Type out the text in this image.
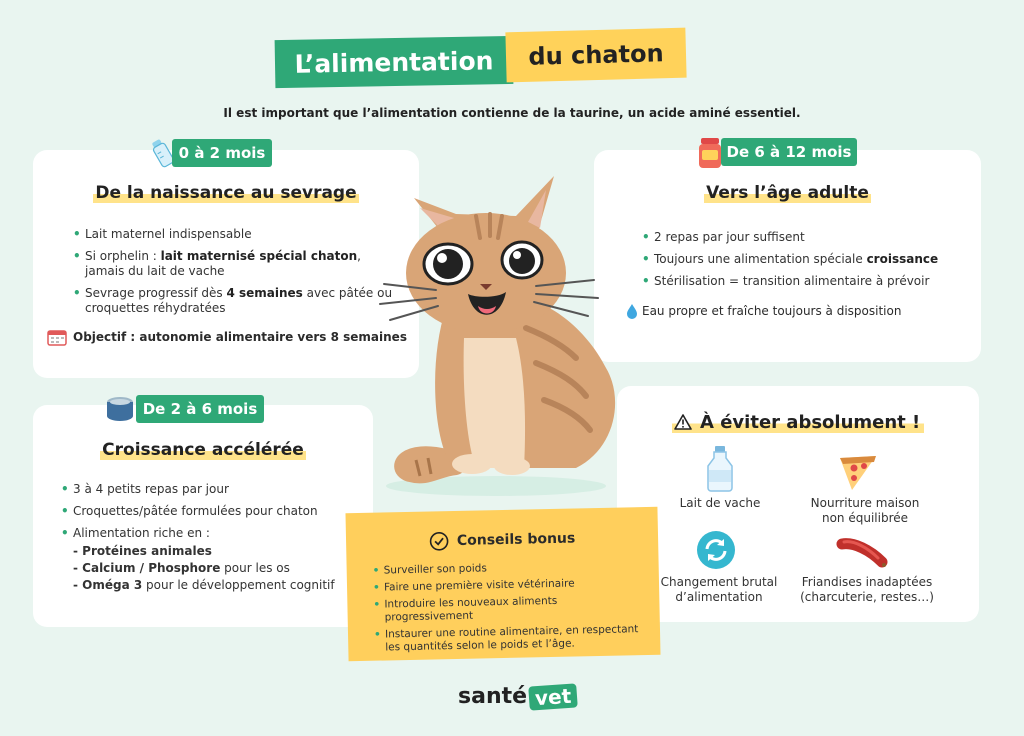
L’alimentation	du chaton
Il est important que l’alimentation contienne de la taurine, un acide aminé essentiel.
De la naissance au sevrage
• Lait maternel indispensable
• Si orphelin : lait maternisé spécial chaton, jamais du lait de vache
• Sevrage progressif dès 4 semaines avec pâtée ou croquettes réhydratées
Objectif : autonomie alimentaire vers 8 semaines
0 à 2 mois
Croissance accélérée
• 3 à 4 petits repas par jour
• Croquettes/pâtée formulées pour chaton
• Alimentation riche en :
- Protéines animales
- Calcium / Phosphore pour les os
- Oméga 3 pour le développement cognitif
De 2 à 6 mois
Vers l’âge adulte
• 2 repas par jour suffisent
• Toujours une alimentation spéciale croissance
• Stérilisation = transition alimentaire à prévoir
Eau propre et fraîche toujours à disposition
De 6 à 12 mois
À éviter absolument !
Lait de vache	Nourriture maison non équilibrée
Changement brutal d’alimentation
Friandises inadaptées (charcuterie, restes…)
Conseils bonus
• Surveiller son poids
• Faire une première visite vétérinaire
• Introduire les nouveaux aliments progressivement
• Instaurer une routine alimentaire, en respectant les quantités selon le poids et l’âge.
santé vet
